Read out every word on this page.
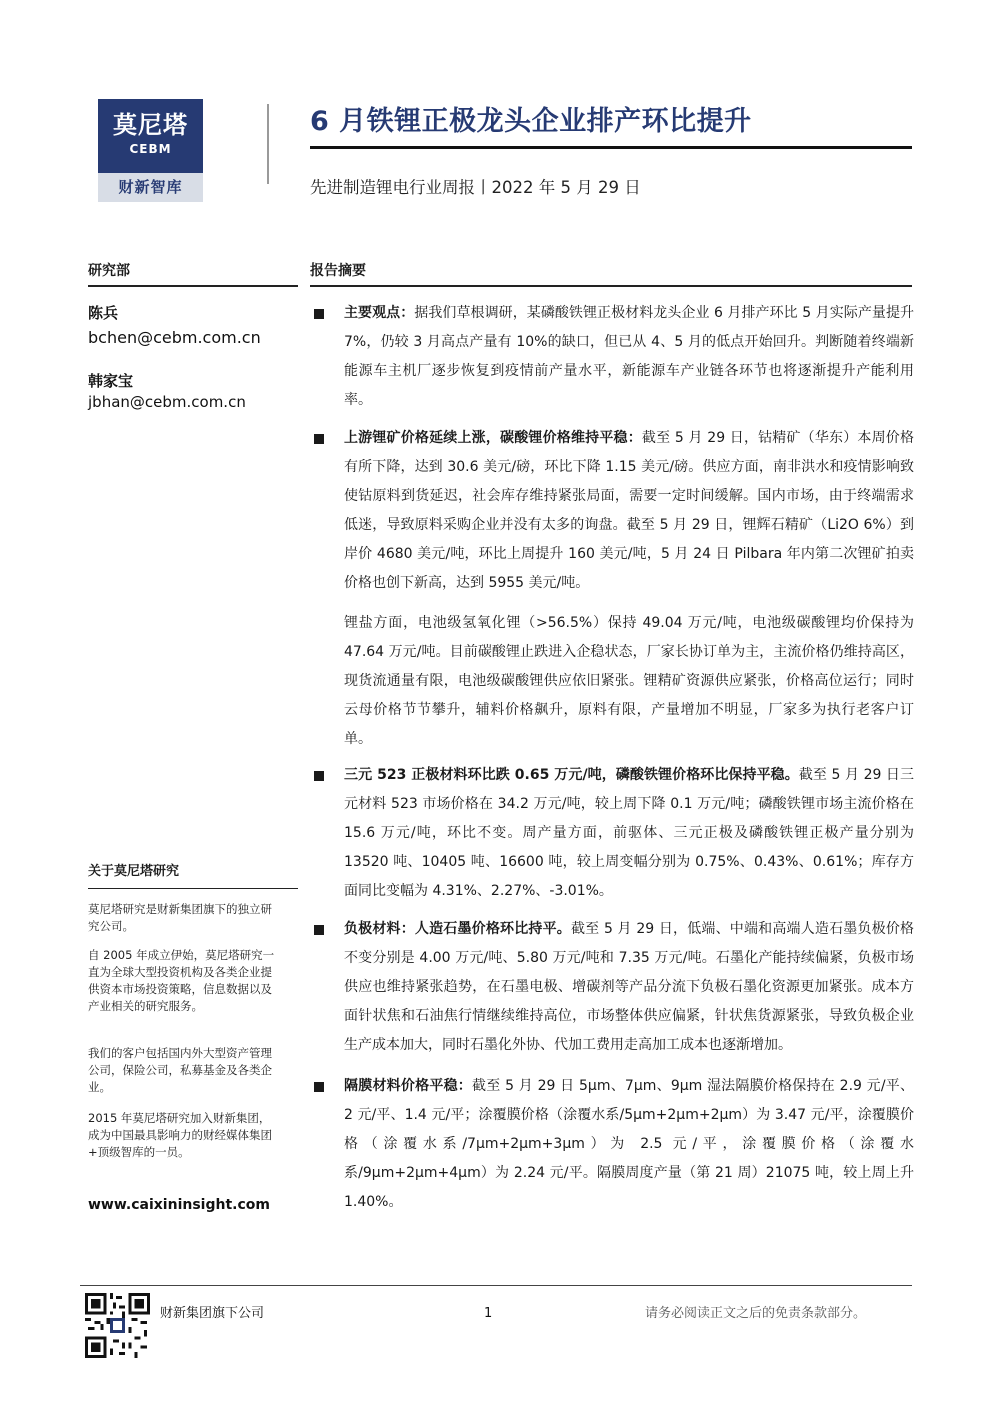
莫尼塔
CEBM
财新智库
6 月铁锂正极龙头企业排产环比提升
先进制造锂电行业周报丨2022 年 5 月 29 日
研究部
陈兵
bchen@cebm.com.cn
韩家宝
jbhan@cebm.com.cn
关于莫尼塔研究
莫尼塔研究是财新集团旗下的独立研究公司。
自 2005 年成立伊始，莫尼塔研究一直为全球大型投资机构及各类企业提供资本市场投资策略，信息数据以及产业相关的研究服务。
我们的客户包括国内外大型资产管理公司，保险公司，私募基金及各类企业。
2015 年莫尼塔研究加入财新集团，成为中国最具影响力的财经媒体集团+顶级智库的一员。
www.caixininsight.com
报告摘要
主要观点：据我们草根调研，某磷酸铁锂正极材料龙头企业 6 月排产环比 5 月实际产量提升 7%，仍较 3 月高点产量有 10%的缺口，但已从 4、5 月的低点开始回升。判断随着终端新能源车主机厂逐步恢复到疫情前产量水平，新能源车产业链各环节也将逐渐提升产能利用率。
上游锂矿价格延续上涨，碳酸锂价格维持平稳：截至 5 月 29 日，钴精矿（华东）本周价格有所下降，达到 30.6 美元/磅，环比下降 1.15 美元/磅。供应方面，南非洪水和疫情影响致使钴原料到货延迟，社会库存维持紧张局面，需要一定时间缓解。国内市场，由于终端需求低迷，导致原料采购企业并没有太多的询盘。截至 5 月 29 日，锂辉石精矿（Li2O 6%）到岸价 4680 美元/吨，环比上周提升 160 美元/吨，5 月 24 日 Pilbara 年内第二次锂矿拍卖价格也创下新高，达到 5955 美元/吨。
锂盐方面，电池级氢氧化锂（>56.5%）保持 49.04 万元/吨，电池级碳酸锂均价保持为 47.64 万元/吨。目前碳酸锂止跌进入企稳状态，厂家长协订单为主，主流价格仍维持高区，现货流通量有限，电池级碳酸锂供应依旧紧张。锂精矿资源供应紧张，价格高位运行；同时云母价格节节攀升，辅料价格飙升，原料有限，产量增加不明显，厂家多为执行老客户订单。
三元 523 正极材料环比跌 0.65 万元/吨，磷酸铁锂价格环比保持平稳。截至 5 月 29 日三元材料 523 市场价格在 34.2 万元/吨，较上周下降 0.1 万元/吨；磷酸铁锂市场主流价格在 15.6 万元/吨，环比不变。周产量方面，前驱体、三元正极及磷酸铁锂正极产量分别为 13520 吨、10405 吨、16600 吨，较上周变幅分别为 0.75%、0.43%、0.61%；库存方面同比变幅为 4.31%、2.27%、-3.01%。
负极材料：人造石墨价格环比持平。截至 5 月 29 日，低端、中端和高端人造石墨负极价格不变分别是 4.00 万元/吨、5.80 万元/吨和 7.35 万元/吨。石墨化产能持续偏紧，负极市场供应也维持紧张趋势，在石墨电极、增碳剂等产品分流下负极石墨化资源更加紧张。成本方面针状焦和石油焦行情继续维持高位，市场整体供应偏紧，针状焦货源紧张，导致负极企业生产成本加大，同时石墨化外协、代加工费用走高加工成本也逐渐增加。
隔膜材料价格平稳：截至 5 月 29 日 5μm、7μm、9μm 湿法隔膜价格保持在 2.9 元/平、2 元/平、1.4 元/平；涂覆膜价格（涂覆水系/5μm+2μm+2μm）为 3.47 元/平，涂覆膜价格（涂覆水系/7μm+2μm+3μm）为 2.5 元/平，涂覆膜价格（涂覆水系/9μm+2μm+4μm）为 2.24 元/平。隔膜周度产量（第 21 周）21075 吨，较上周上升 1.40%。
财新集团旗下公司	1	请务必阅读正文之后的免责条款部分。
